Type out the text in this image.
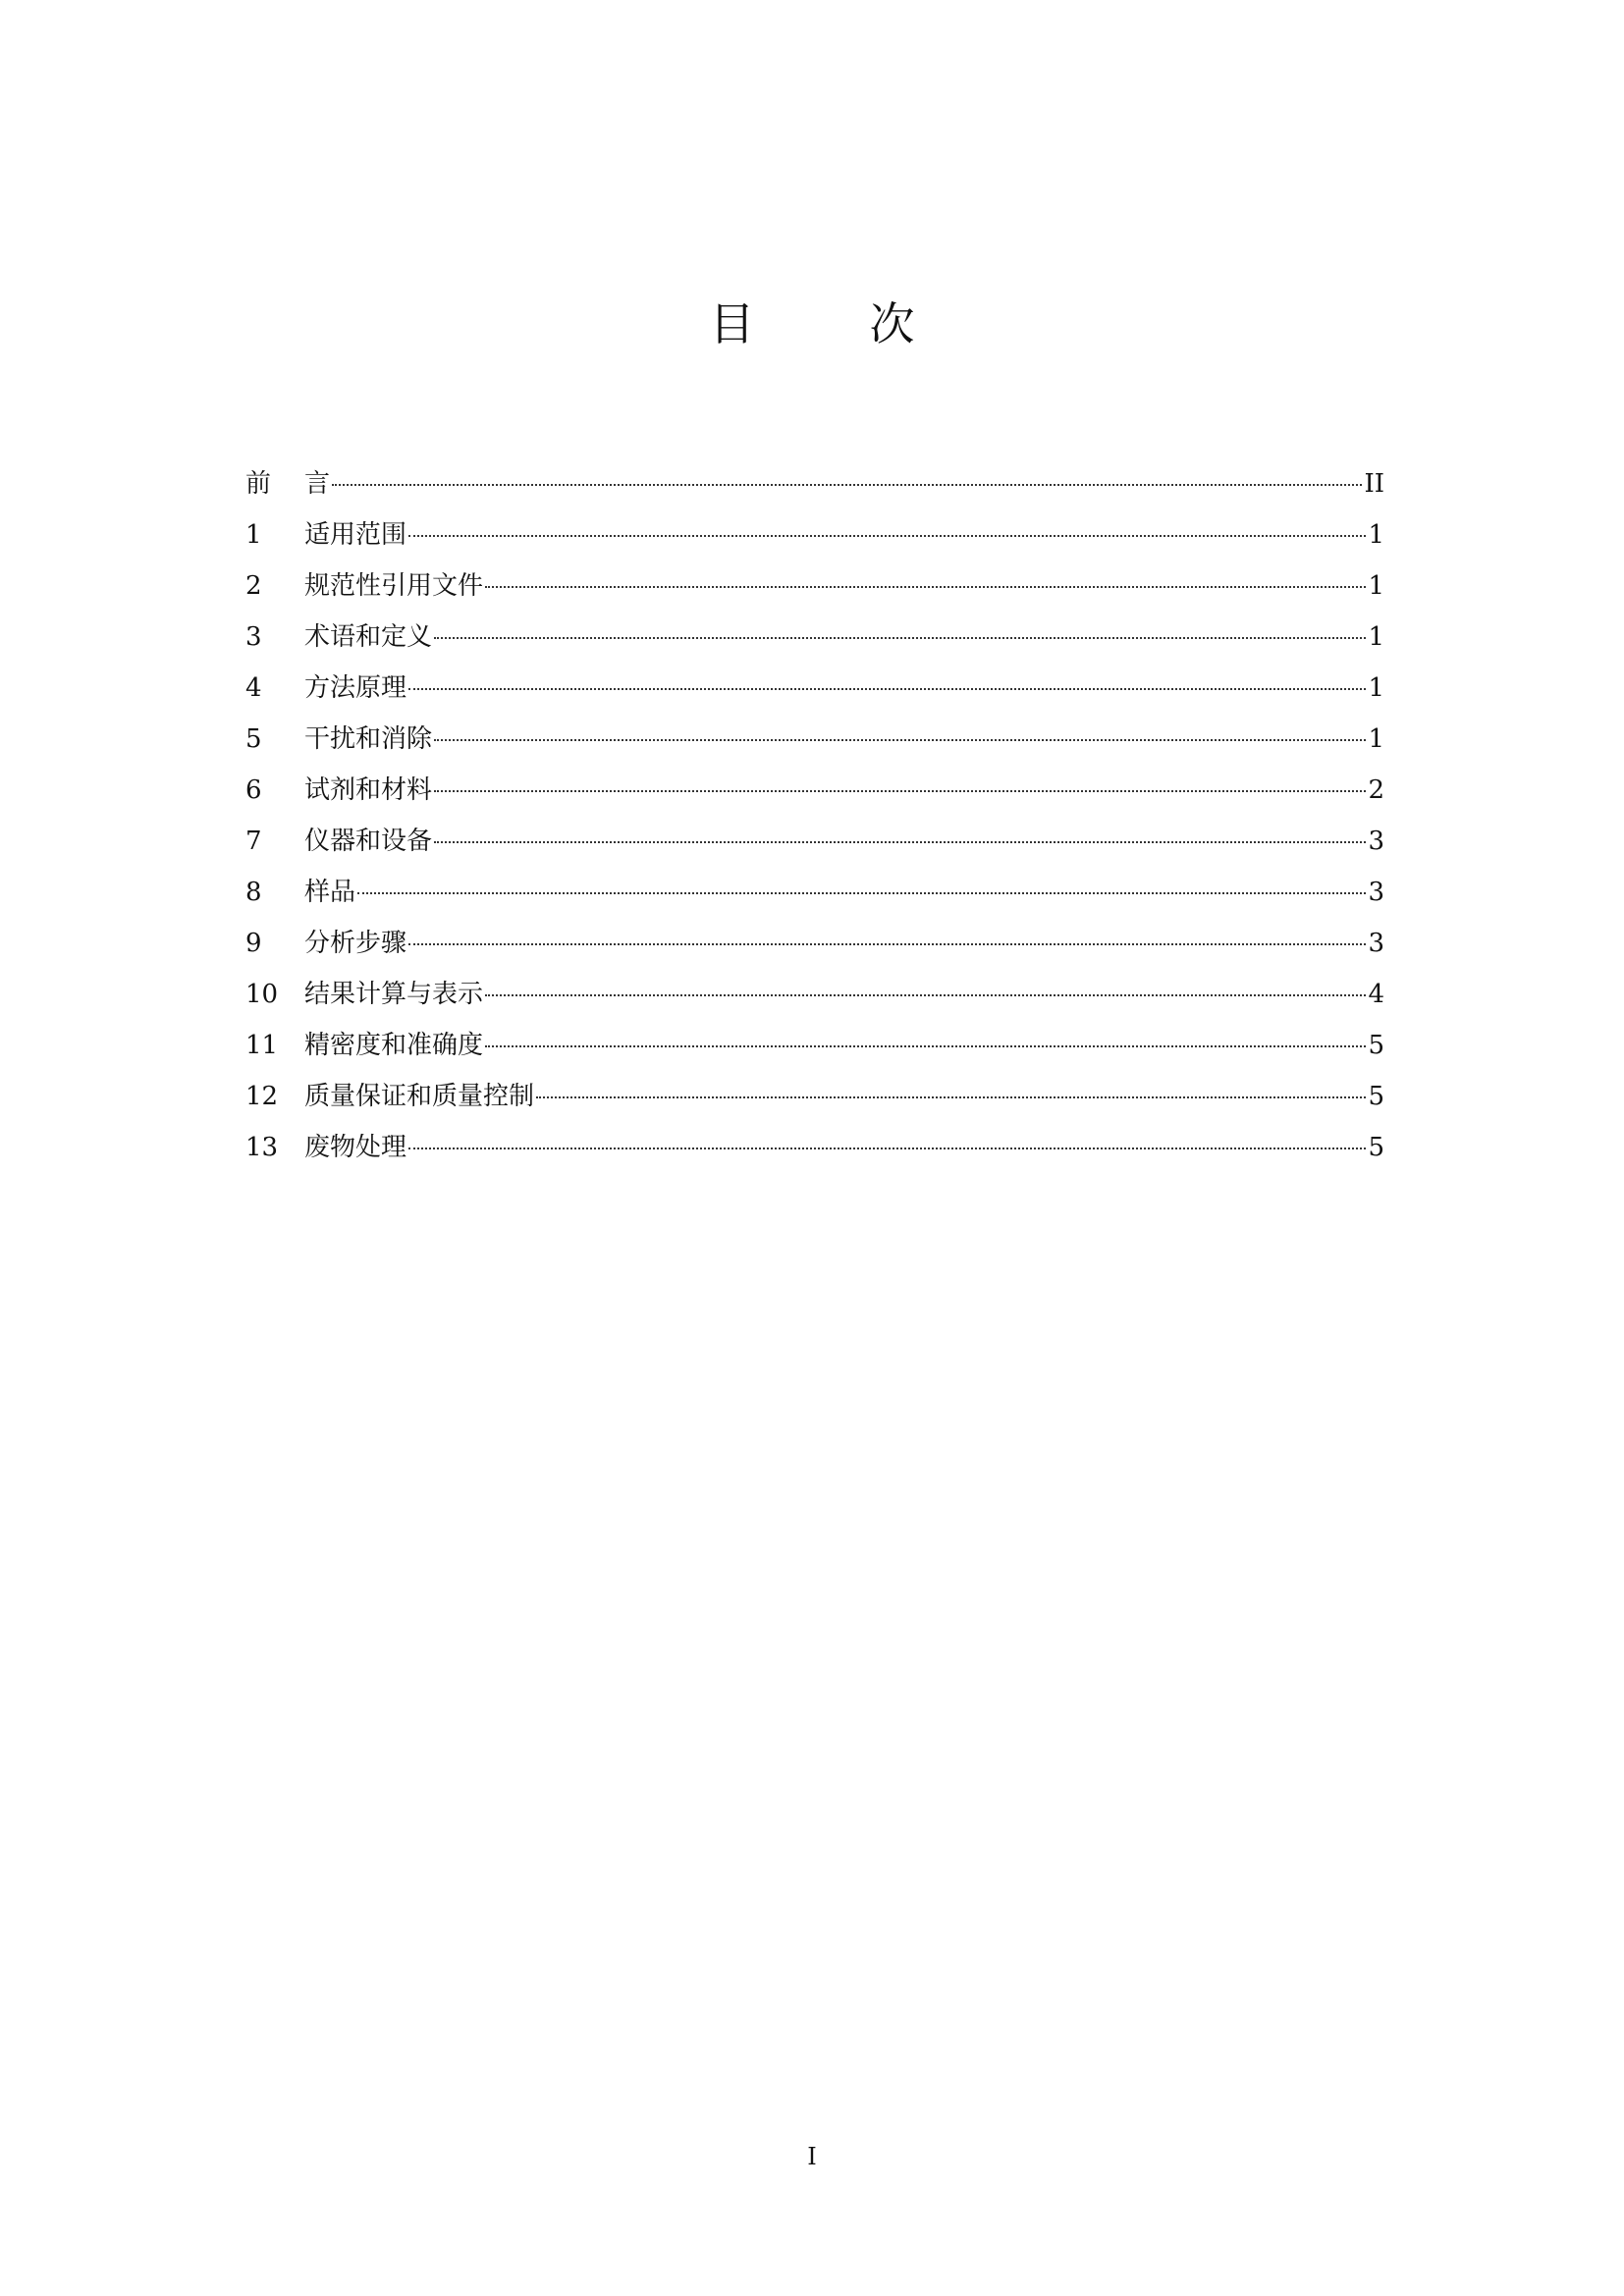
目        次
前	言	II
1	适用范围	1
2	规范性引用文件	1
3	术语和定义	1
4	方法原理	1
5	干扰和消除	1
6	试剂和材料	2
7	仪器和设备	3
8	样品	3
9	分析步骤	3
10	结果计算与表示	4
11	精密度和准确度	5
12	质量保证和质量控制	5
13	废物处理	5
I
